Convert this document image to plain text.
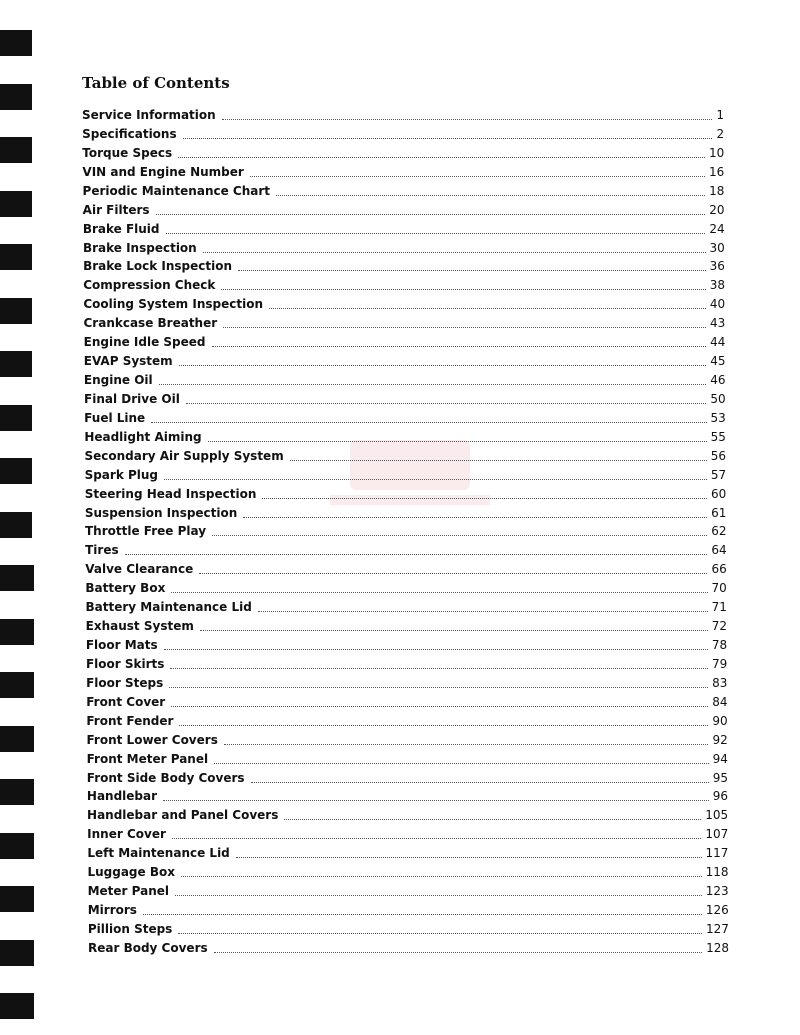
Table of Contents
Service Information	1
Specifications	2
Torque Specs	10
VIN and Engine Number	16
Periodic Maintenance Chart	18
Air Filters	20
Brake Fluid	24
Brake Inspection	30
Brake Lock Inspection	36
Compression Check	38
Cooling System Inspection	40
Crankcase Breather	43
Engine Idle Speed	44
EVAP System	45
Engine Oil	46
Final Drive Oil	50
Fuel Line	53
Headlight Aiming	55
Secondary Air Supply System	56
Spark Plug	57
Steering Head Inspection	60
Suspension Inspection	61
Throttle Free Play	62
Tires	64
Valve Clearance	66
Battery Box	70
Battery Maintenance Lid	71
Exhaust System	72
Floor Mats	78
Floor Skirts	79
Floor Steps	83
Front Cover	84
Front Fender	90
Front Lower Covers	92
Front Meter Panel	94
Front Side Body Covers	95
Handlebar	96
Handlebar and Panel Covers	105
Inner Cover	107
Left Maintenance Lid	117
Luggage Box	118
Meter Panel	123
Mirrors	126
Pillion Steps	127
Rear Body Covers	128
